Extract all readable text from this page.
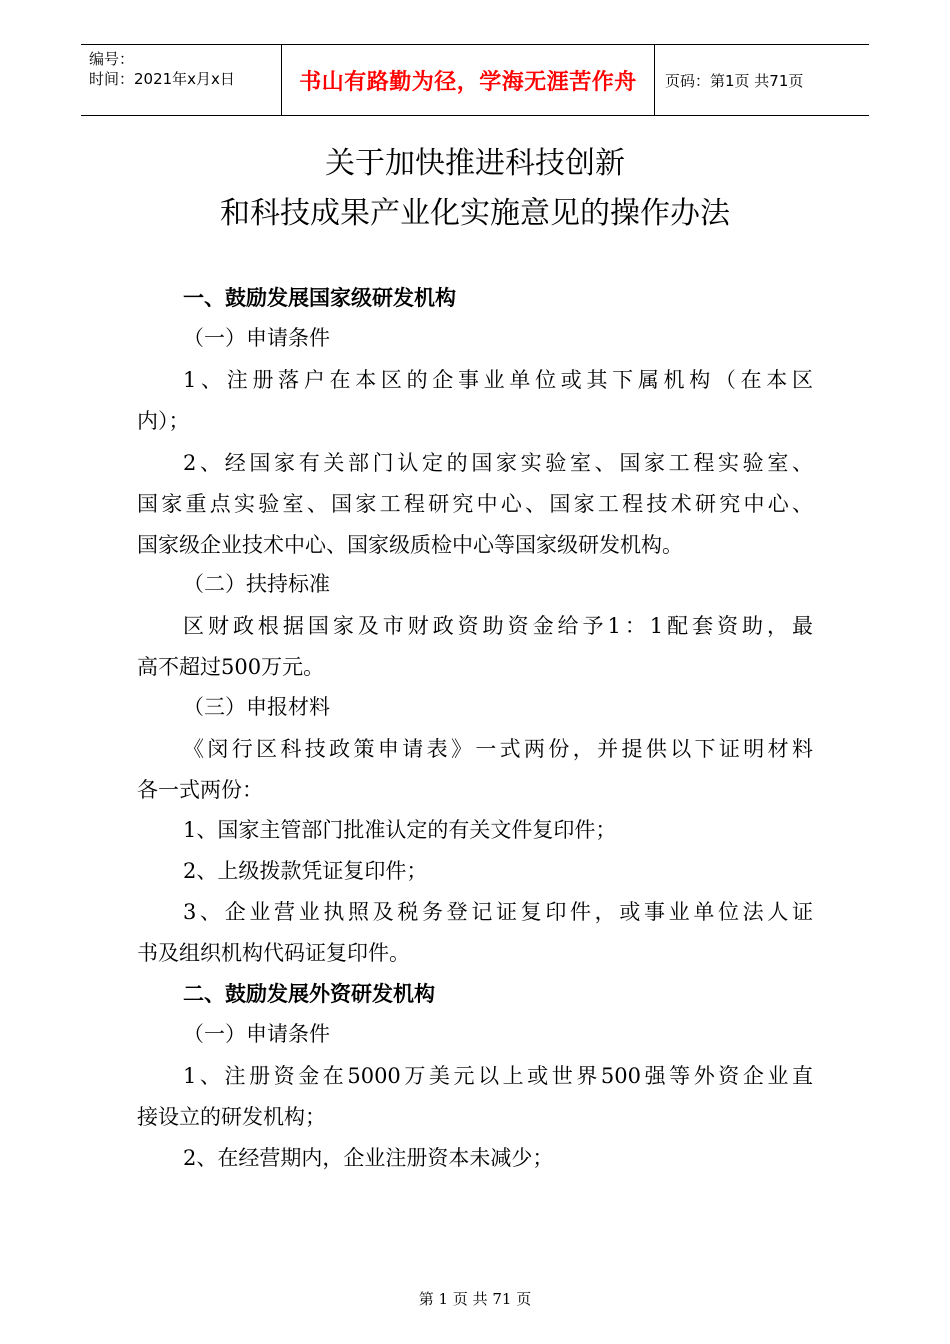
编号：
时间：2021年x月x日	书山有路勤为径，学海无涯苦作舟	页码：第1页 共71页
关于加快推进科技创新
和科技成果产业化实施意见的操作办法
一、鼓励发展国家级研发机构
（一）申请条件
1、注册落户在本区的企事业单位或其下属机构（在本区
内）；
2、经国家有关部门认定的国家实验室、国家工程实验室、
国家重点实验室、国家工程研究中心、国家工程技术研究中心、
国家级企业技术中心、国家级质检中心等国家级研发机构。
（二）扶持标准
区财政根据国家及市财政资助资金给予1：1配套资助，最
高不超过500万元。
（三）申报材料
《闵行区科技政策申请表》一式两份，并提供以下证明材料
各一式两份：
1、国家主管部门批准认定的有关文件复印件；
2、上级拨款凭证复印件；
3、企业营业执照及税务登记证复印件，或事业单位法人证
书及组织机构代码证复印件。
二、鼓励发展外资研发机构
（一）申请条件
1、注册资金在5000万美元以上或世界500强等外资企业直
接设立的研发机构；
2、在经营期内，企业注册资本未减少；
第 1 页 共 71 页
